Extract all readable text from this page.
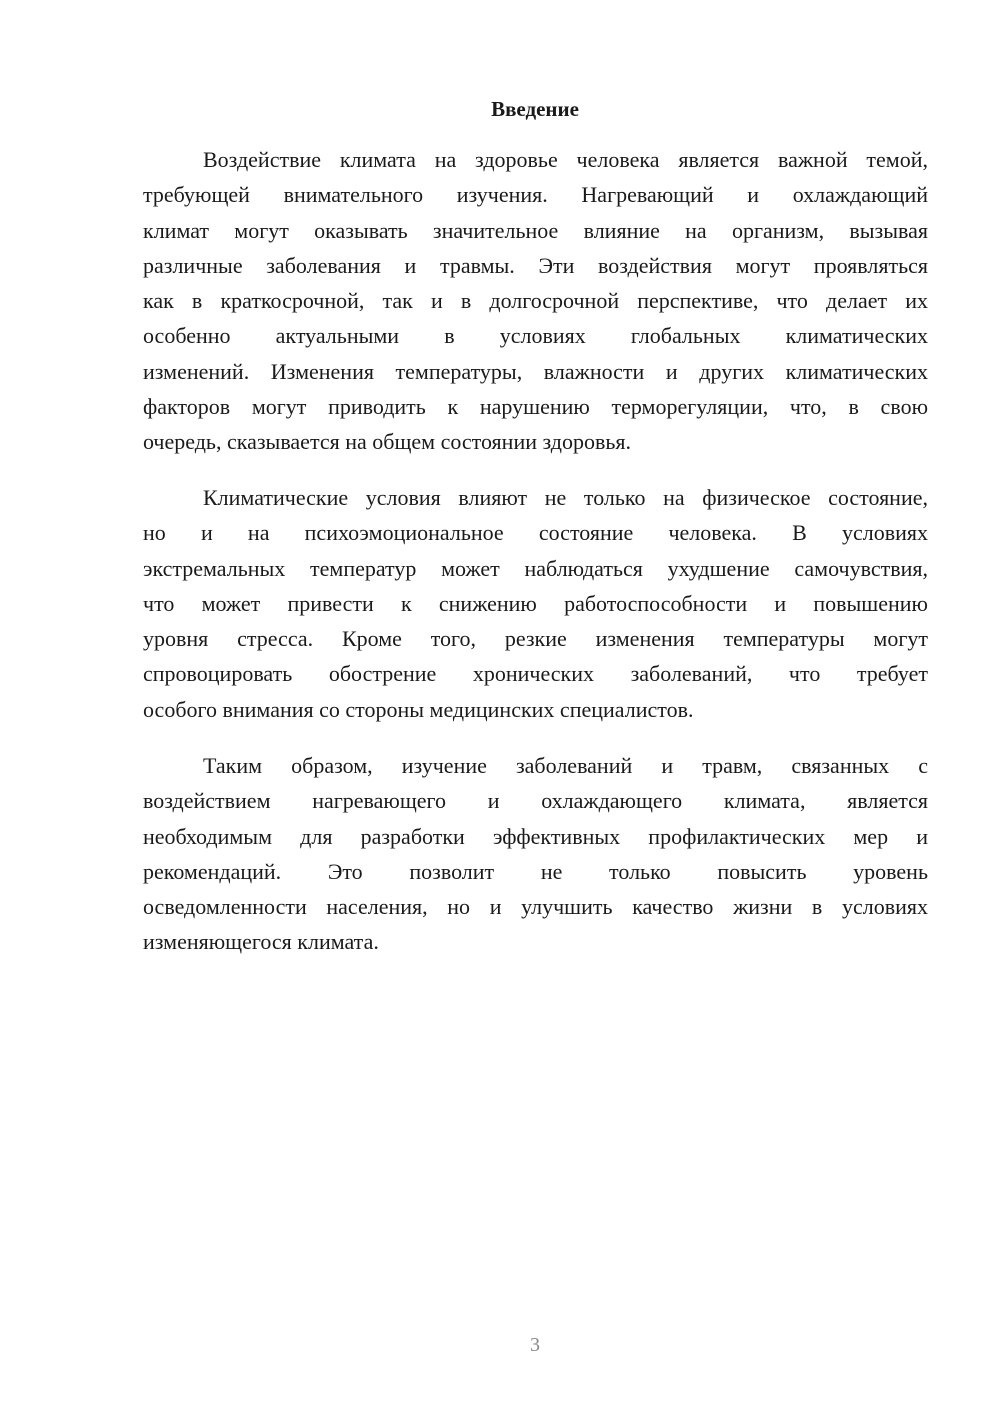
Введение
Воздействие климата на здоровье человека является важной темой,
требующей внимательного изучения. Нагревающий и охлаждающий
климат могут оказывать значительное влияние на организм, вызывая
различные заболевания и травмы. Эти воздействия могут проявляться
как в краткосрочной, так и в долгосрочной перспективе, что делает их
особенно актуальными в условиях глобальных климатических
изменений. Изменения температуры, влажности и других климатических
факторов могут приводить к нарушению терморегуляции, что, в свою
очередь, сказывается на общем состоянии здоровья.
Климатические условия влияют не только на физическое состояние,
но и на психоэмоциональное состояние человека. В условиях
экстремальных температур может наблюдаться ухудшение самочувствия,
что может привести к снижению работоспособности и повышению
уровня стресса. Кроме того, резкие изменения температуры могут
спровоцировать обострение хронических заболеваний, что требует
особого внимания со стороны медицинских специалистов.
Таким образом, изучение заболеваний и травм, связанных с
воздействием нагревающего и охлаждающего климата, является
необходимым для разработки эффективных профилактических мер и
рекомендаций. Это позволит не только повысить уровень
осведомленности населения, но и улучшить качество жизни в условиях
изменяющегося климата.
3
